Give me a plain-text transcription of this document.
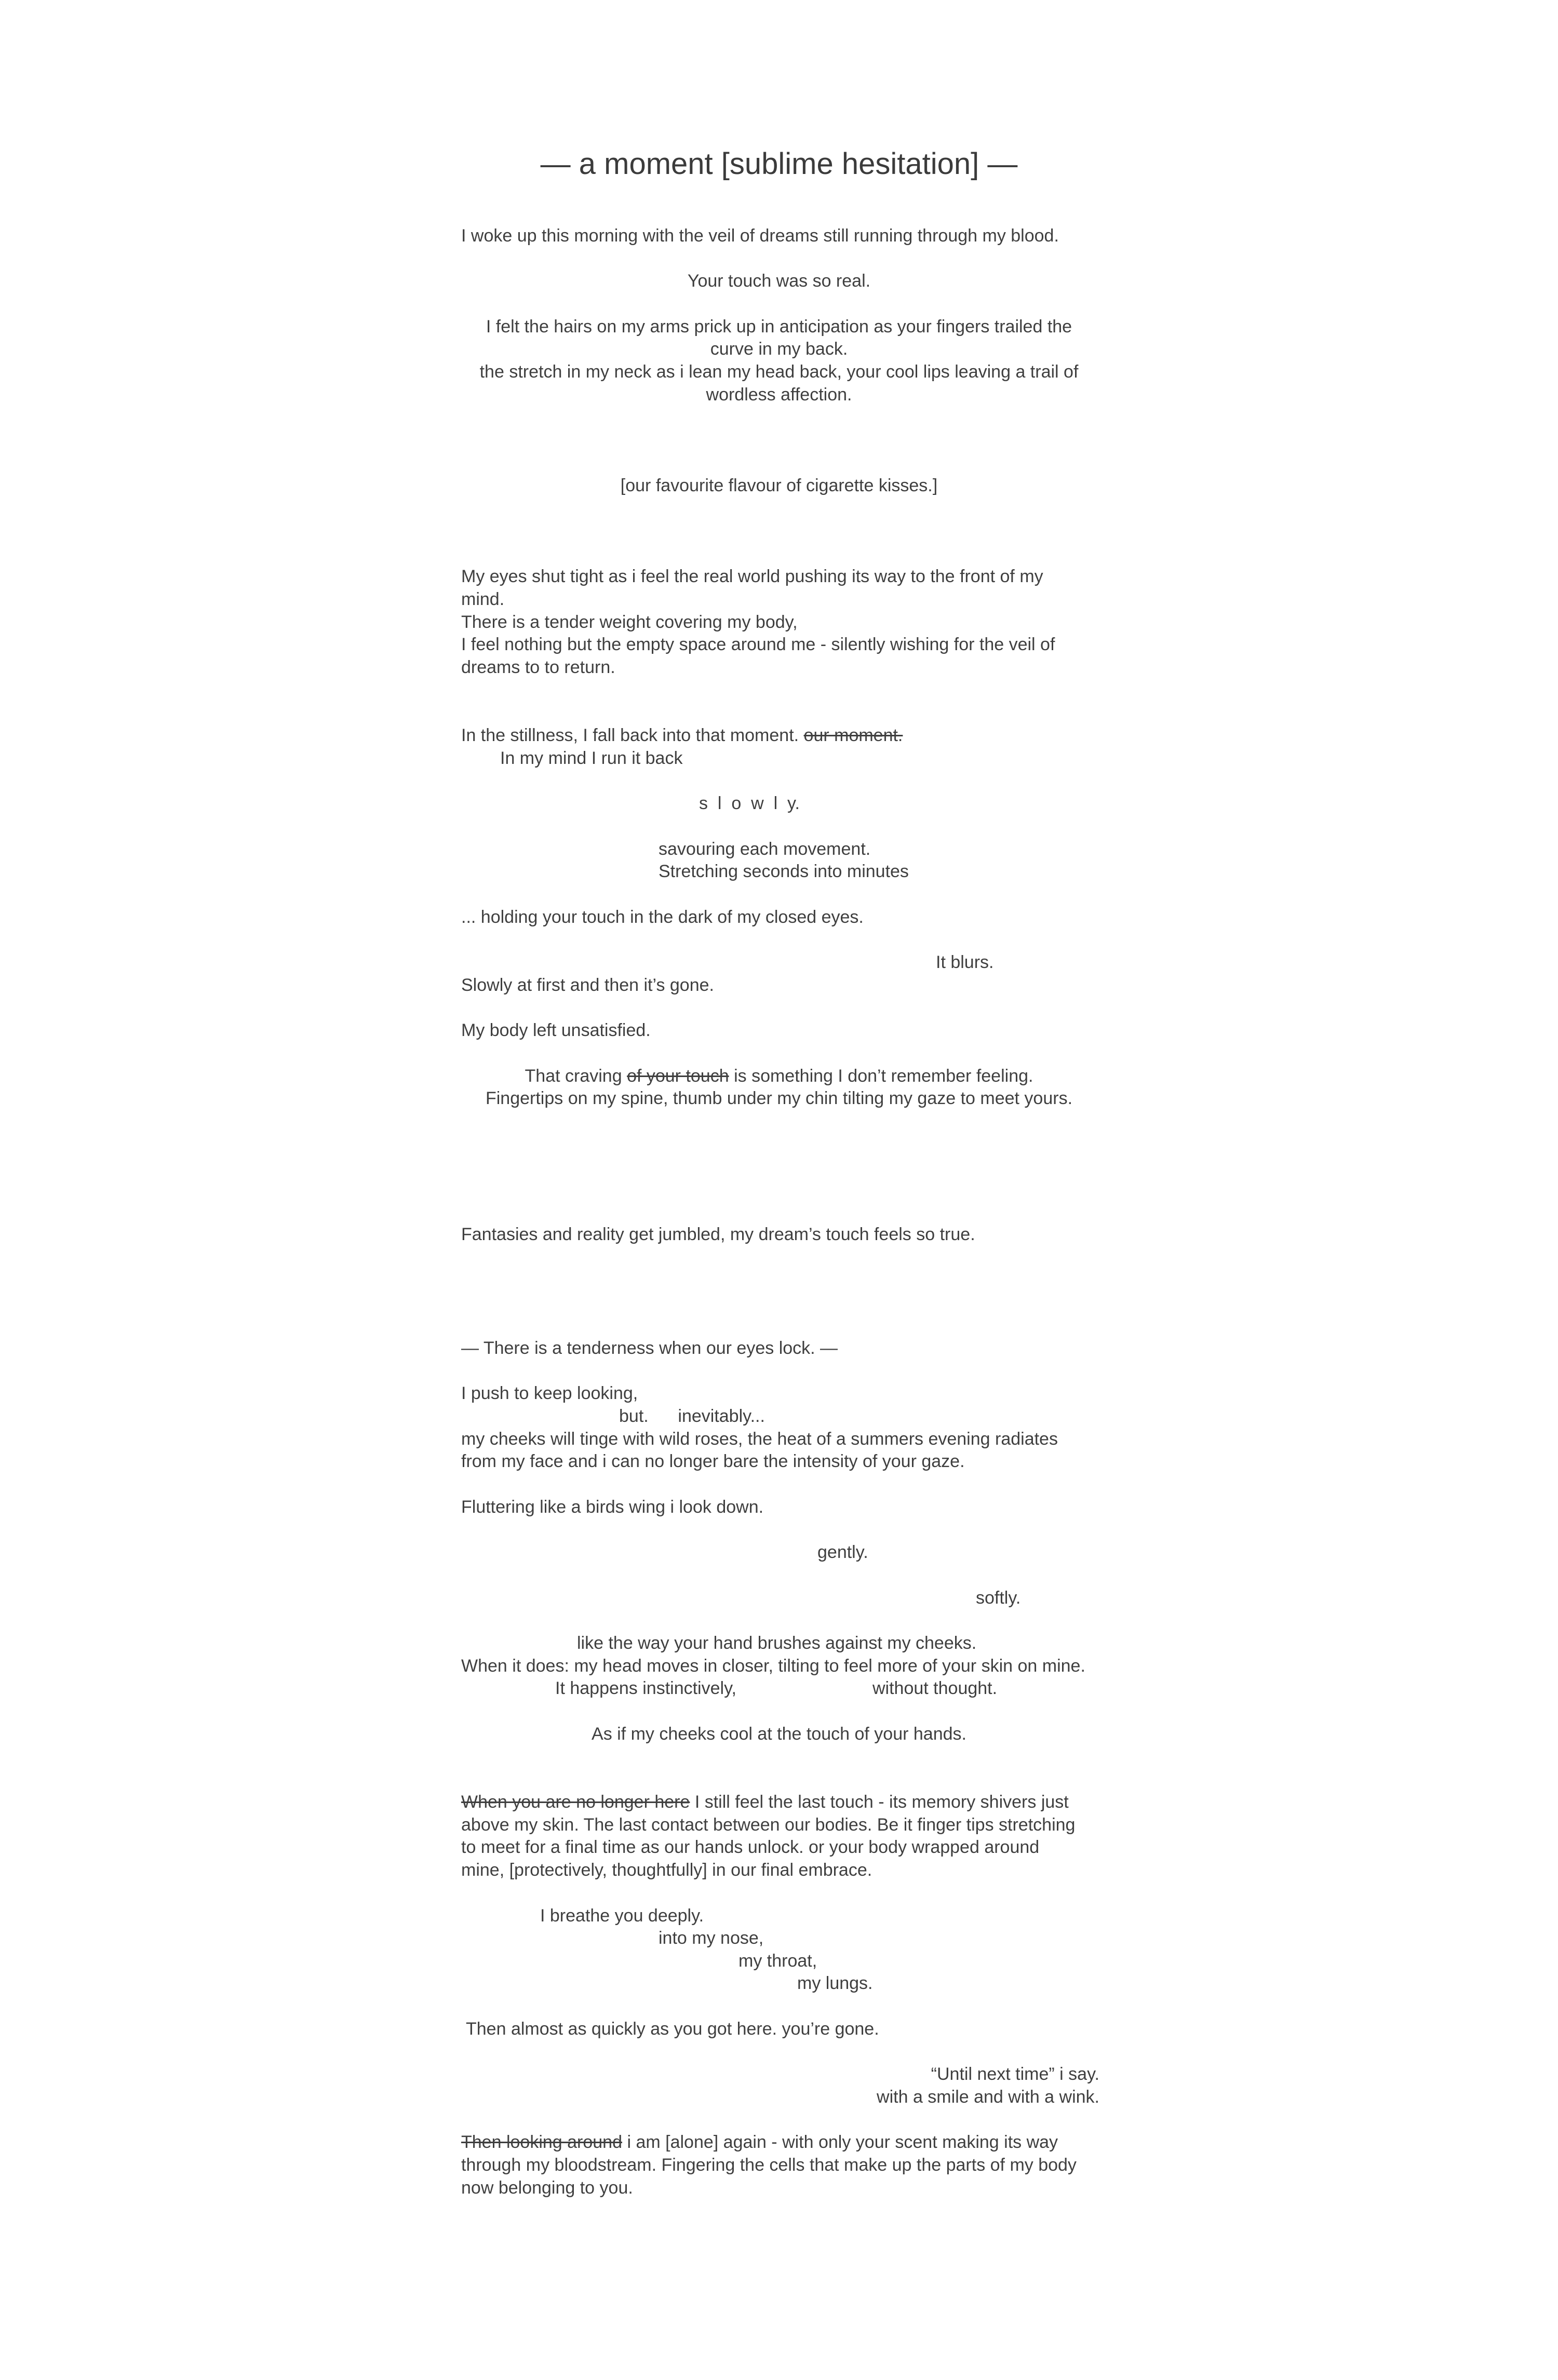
— a moment [sublime hesitation] —
I woke up this morning with the veil of dreams still running through my blood.
Your touch was so real.
I felt the hairs on my arms prick up in anticipation as your fingers trailed the
curve in my back.
the stretch in my neck as i lean my head back, your cool lips leaving a trail of
wordless affection.
[our favourite flavour of cigarette kisses.]
My eyes shut tight as i feel the real world pushing its way to the front of my
mind.
There is a tender weight covering my body,
I feel nothing but the empty space around me - silently wishing for the veil of
dreams to to return.
In the stillness, I fall back into that moment. our moment.
In my mind I run it back
s  l  o  w  l  y.
savouring each movement.
Stretching seconds into minutes
... holding your touch in the dark of my closed eyes.
It blurs.
Slowly at first and then it’s gone.
My body left unsatisfied.
That craving of your touch is something I don’t remember feeling.
Fingertips on my spine, thumb under my chin tilting my gaze to meet yours.
Fantasies and reality get jumbled, my dream’s touch feels so true.
— There is a tenderness when our eyes lock. —
I push to keep looking,
but.      inevitably...
my cheeks will tinge with wild roses, the heat of a summers evening radiates
from my face and i can no longer bare the intensity of your gaze.
Fluttering like a birds wing i look down.
gently.
softly.
like the way your hand brushes against my cheeks.
When it does: my head moves in closer, tilting to feel more of your skin on mine.
It happens instinctively,	without thought.
As if my cheeks cool at the touch of your hands.
When you are no longer here I still feel the last touch - its memory shivers just
above my skin. The last contact between our bodies. Be it finger tips stretching
to meet for a final time as our hands unlock. or your body wrapped around
mine, [protectively, thoughtfully] in our final embrace.
I breathe you deeply.
into my nose,
my throat,
my lungs.
Then almost as quickly as you got here. you’re gone.
“Until next time” i say.
with a smile and with a wink.
Then looking around i am [alone] again - with only your scent making its way
through my bloodstream. Fingering the cells that make up the parts of my body
now belonging to you.
